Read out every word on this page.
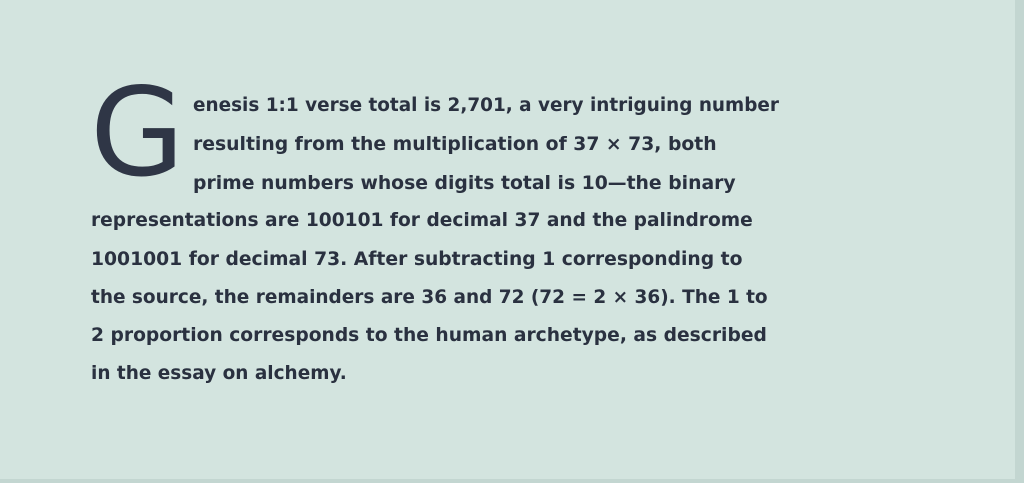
G enesis 1:1 verse total is 2,701, a very intriguing number
resulting from the multiplication of 37 × 73, both
prime numbers whose digits total is 10—the binary
representations are 100101 for decimal 37 and the palindrome
1001001 for decimal 73. After subtracting 1 corresponding to
the source, the remainders are 36 and 72 (72 = 2 × 36). The 1 to
2 proportion corresponds to the human archetype, as described
in the essay on alchemy.
